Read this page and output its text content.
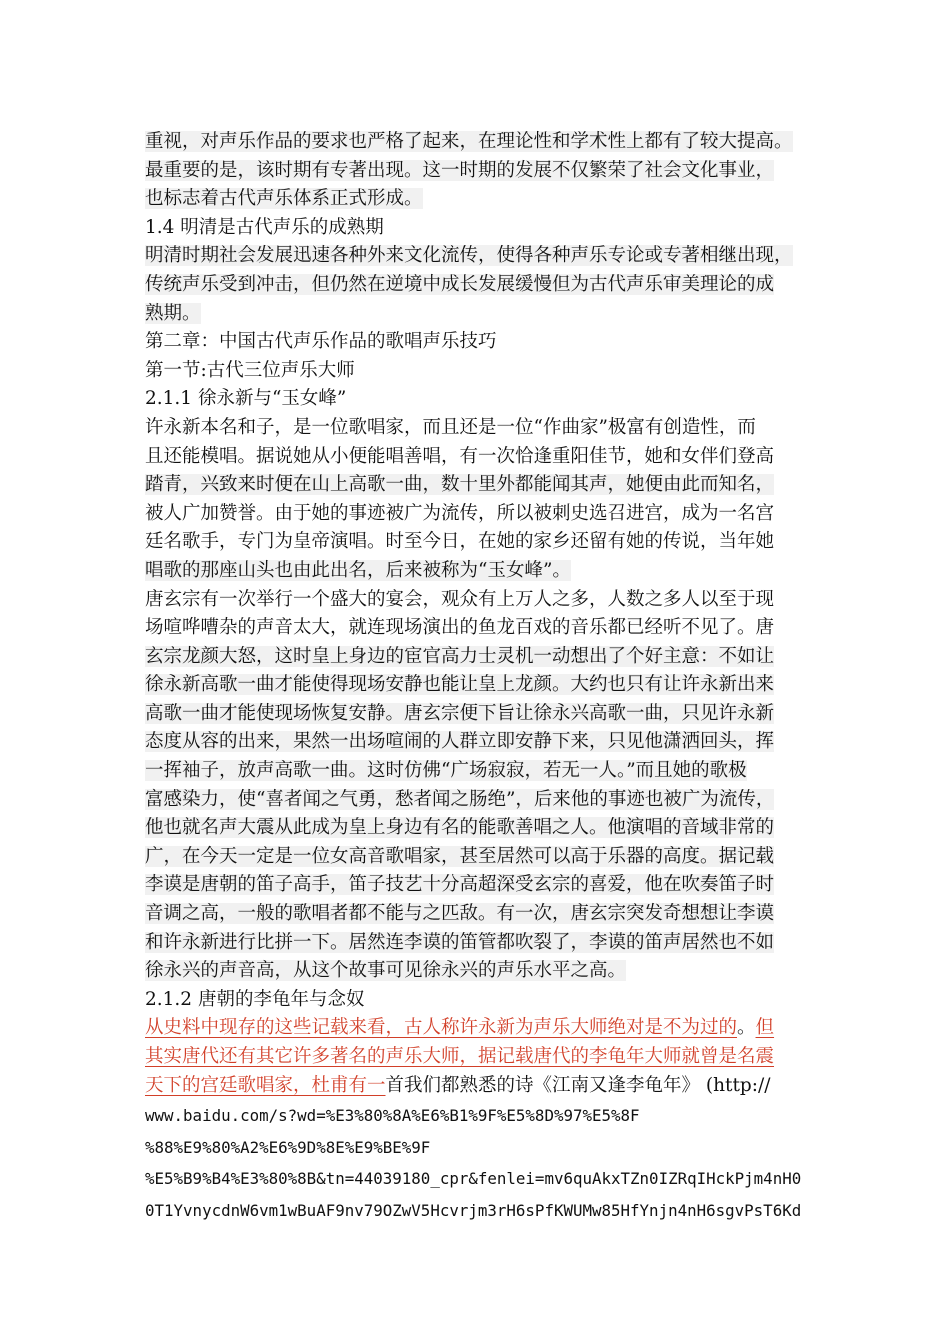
重视，对声乐作品的要求也严格了起来，在理论性和学术性上都有了较大提高。
最重要的是，该时期有专著出现。这一时期的发展不仅繁荣了社会文化事业，
也标志着古代声乐体系正式形成。
1.4 明清是古代声乐的成熟期
明清时期社会发展迅速各种外来文化流传，使得各种声乐专论或专著相继出现，
传统声乐受到冲击，但仍然在逆境中成长发展缓慢但为古代声乐审美理论的成
熟期。
第二章：中国古代声乐作品的歌唱声乐技巧
第一节:古代三位声乐大师
2.1.1 徐永新与“玉女峰”
许永新本名和子，是一位歌唱家，而且还是一位“作曲家”极富有创造性，而
且还能模唱。据说她从小便能唱善唱，有一次恰逢重阳佳节，她和女伴们登高
踏青，兴致来时便在山上高歌一曲，数十里外都能闻其声，她便由此而知名，
被人广加赞誉。由于她的事迹被广为流传，所以被刺史选召进宫，成为一名宫
廷名歌手，专门为皇帝演唱。时至今日，在她的家乡还留有她的传说，当年她
唱歌的那座山头也由此出名，后来被称为“玉女峰”。
唐玄宗有一次举行一个盛大的宴会，观众有上万人之多，人数之多人以至于现
场喧哗嘈杂的声音太大，就连现场演出的鱼龙百戏的音乐都已经听不见了。唐
玄宗龙颜大怒，这时皇上身边的宦官高力士灵机一动想出了个好主意：不如让
徐永新高歌一曲才能使得现场安静也能让皇上龙颜。大约也只有让许永新出来
高歌一曲才能使现场恢复安静。唐玄宗便下旨让徐永兴高歌一曲，只见许永新
态度从容的出来，果然一出场喧闹的人群立即安静下来，只见他潇洒回头，挥
一挥袖子，放声高歌一曲。这时仿佛“广场寂寂，若无一人。”而且她的歌极
富感染力，使“喜者闻之气勇，愁者闻之肠绝”，后来他的事迹也被广为流传，
他也就名声大震从此成为皇上身边有名的能歌善唱之人。他演唱的音域非常的
广，在今天一定是一位女高音歌唱家，甚至居然可以高于乐器的高度。据记载
李谟是唐朝的笛子高手，笛子技艺十分高超深受玄宗的喜爱，他在吹奏笛子时
音调之高，一般的歌唱者都不能与之匹敌。有一次，唐玄宗突发奇想想让李谟
和许永新进行比拼一下。居然连李谟的笛管都吹裂了，李谟的笛声居然也不如
徐永兴的声音高，从这个故事可见徐永兴的声乐水平之高。
2.1.2 唐朝的李龟年与念奴
从史料中现存的这些记载来看，古人称许永新为声乐大师绝对是不为过的。但
其实唐代还有其它许多著名的声乐大师，据记载唐代的李龟年大师就曾是名震
天下的宫廷歌唱家，杜甫有一首我们都熟悉的诗《江南又逢李龟年》 (http://
www.baidu.com/s?wd=%E3%80%8A%E6%B1%9F%E5%8D%97%E5%8F
%88%E9%80%A2%E6%9D%8E%E9%BE%9F
%E5%B9%B4%E3%80%8B&tn=44039180_cpr&fenlei=mv6quAkxTZn0IZRqIHckPjm4nH0
0T1YvnycdnW6vm1wBuAF9nv79OZwV5Hcvrjm3rH6sPfKWUMw85HfYnjn4nH6sgvPsT6Kd
